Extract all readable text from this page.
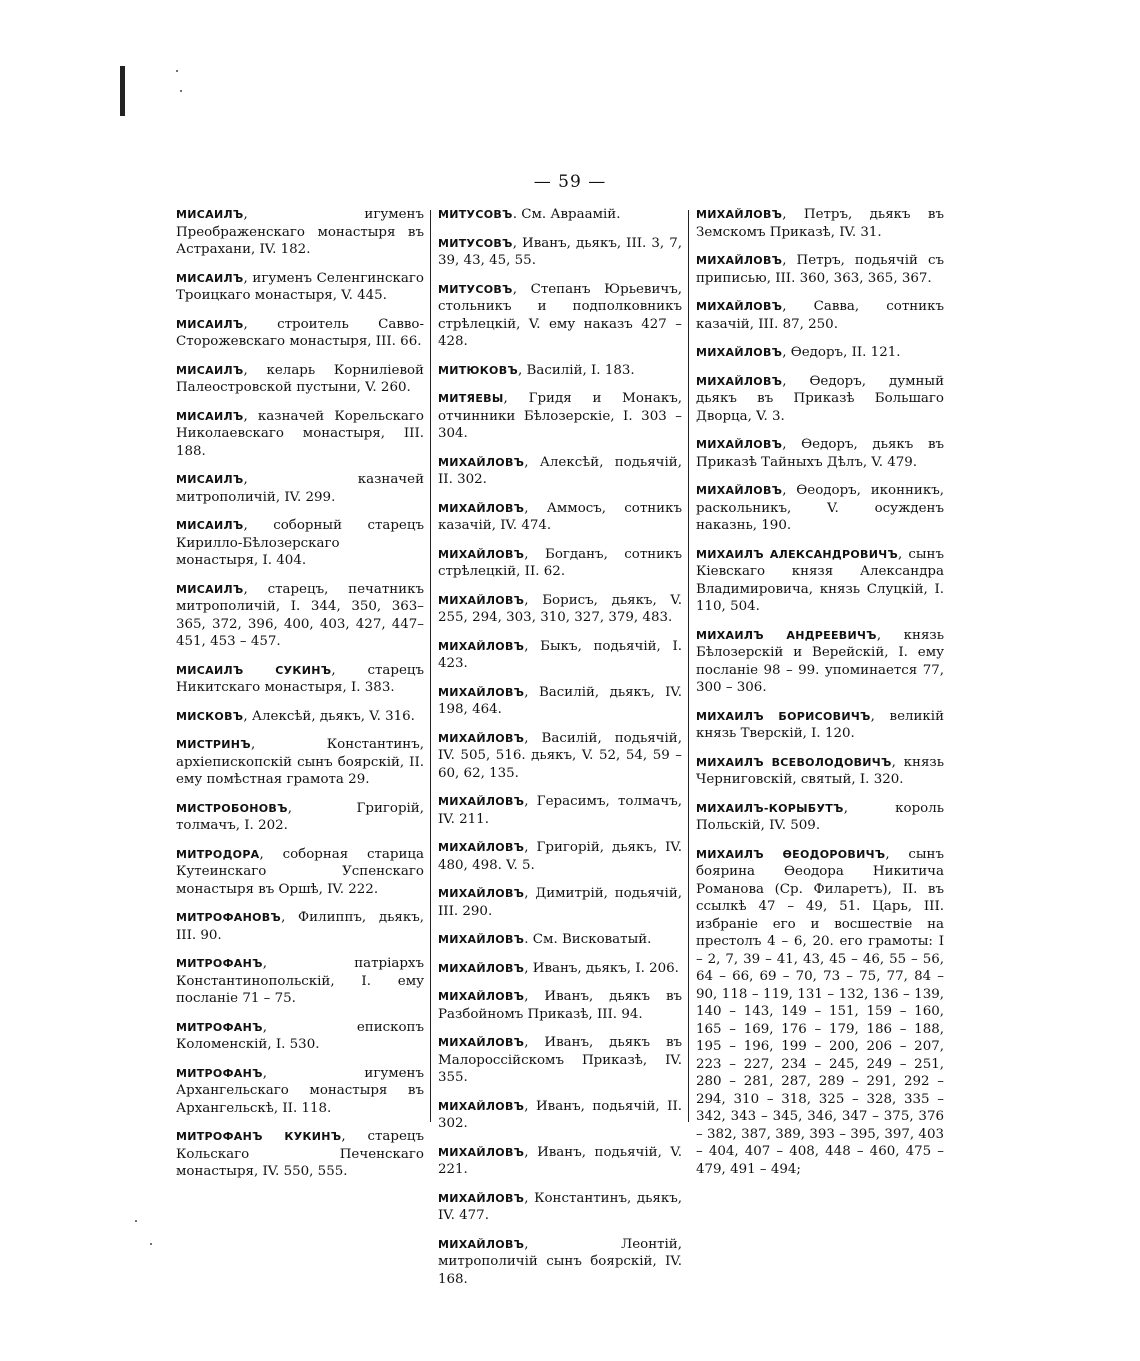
— 59 —

МИСАИЛЪ, игуменъ Преображенскаго монастыря въ Астрахани, IV. 182.

МИСАИЛЪ, игуменъ Селенгинскаго Троицкаго монастыря, V. 445.

МИСАИЛЪ, строитель Савво-Сторожевскаго монастыря, III. 66.

МИСАИЛЪ, келарь Корнилiевой Палеостровской пустыни, V. 260.

МИСАИЛЪ, казначей Корельскаго Николаевскаго монастыря, III. 188.

МИСАИЛЪ, казначей митрополичiй, IV. 299.

МИСАИЛЪ, соборный старецъ Кирилло-Бѣлозерскаго монастыря, I. 404.

МИСАИЛЪ, старецъ, печатникъ митрополичiй, I. 344, 350, 363–365, 372, 396, 400, 403, 427, 447–451, 453 – 457.

МИСАИЛЪ СУКИНЪ, старецъ Никитскаго монастыря, I. 383.

МИСКОВЪ, Алексѣй, дьякъ, V. 316.

МИСТРИНЪ, Константинъ, архiепископскiй сынъ боярскiй, II. ему помѣстная грамота 29.

МИСТРОБОНОВЪ, Григорiй, толмачъ, I. 202.

МИТРОДОРА, соборная старица Кутеинскаго Успенскаго монастыря въ Оршѣ, IV. 222.

МИТРОФАНОВЪ, Филиппъ, дьякъ, III. 90.

МИТРОФАНЪ, патрiархъ Константинопольскiй, I. ему посланiе 71 – 75.

МИТРОФАНЪ, епископъ Коломенскiй, I. 530.

МИТРОФАНЪ, игуменъ Архангельскаго монастыря въ Архангельскѣ, II. 118.

МИТРОФАНЪ КУКИНЪ, старецъ Кольскаго Печенскаго монастыря, IV. 550, 555.

МИТУСОВЪ. См. Авраамiй.

МИТУСОВЪ, Иванъ, дьякъ, III. 3, 7, 39, 43, 45, 55.

МИТУСОВЪ, Степанъ Юрьевичъ, стольникъ и подполковникъ стрѣлецкiй, V. ему наказъ 427 – 428.

МИТЮКОВЪ, Василiй, I. 183.

МИТЯЕВЫ, Гридя и Монакъ, отчинники Бѣлозерскiе, I. 303 – 304.

МИХАЙЛОВЪ, Алексѣй, подьячiй, II. 302.

МИХАЙЛОВЪ, Аммосъ, сотникъ казачiй, IV. 474.

МИХАЙЛОВЪ, Богданъ, сотникъ стрѣлецкiй, II. 62.

МИХАЙЛОВЪ, Борисъ, дьякъ, V. 255, 294, 303, 310, 327, 379, 483.

МИХАЙЛОВЪ, Быкъ, подьячiй, I. 423.

МИХАЙЛОВЪ, Василiй, дьякъ, IV. 198, 464.

МИХАЙЛОВЪ, Василiй, подьячiй, IV. 505, 516. дьякъ, V. 52, 54, 59 – 60, 62, 135.

МИХАЙЛОВЪ, Герасимъ, толмачъ, IV. 211.

МИХАЙЛОВЪ, Григорiй, дьякъ, IV. 480, 498. V. 5.

МИХАЙЛОВЪ, Димитрiй, подьячiй, III. 290.

МИХАЙЛОВЪ. См. Висковатый.

МИХАЙЛОВЪ, Иванъ, дьякъ, I. 206.

МИХАЙЛОВЪ, Иванъ, дьякъ въ Разбойномъ Приказѣ, III. 94.

МИХАЙЛОВЪ, Иванъ, дьякъ въ Малороссiйскомъ Приказѣ, IV. 355.

МИХАЙЛОВЪ, Иванъ, подьячiй, II. 302.

МИХАЙЛОВЪ, Иванъ, подьячiй, V. 221.

МИХАЙЛОВЪ, Константинъ, дьякъ, IV. 477.

МИХАЙЛОВЪ, Леонтiй, митрополичiй сынъ боярскiй, IV. 168.

МИХАЙЛОВЪ, Петръ, дьякъ въ Земскомъ Приказѣ, IV. 31.

МИХАЙЛОВЪ, Петръ, подьячiй съ приписью, III. 360, 363, 365, 367.

МИХАЙЛОВЪ, Савва, сотникъ казачiй, III. 87, 250.

МИХАЙЛОВЪ, Ѳедоръ, II. 121.

МИХАЙЛОВЪ, Ѳедоръ, думный дьякъ въ Приказѣ Большаго Дворца, V. 3.

МИХАЙЛОВЪ, Ѳедоръ, дьякъ въ Приказѣ Тайныхъ Дѣлъ, V. 479.

МИХАЙЛОВЪ, Ѳеодоръ, иконникъ, раскольникъ, V. осужденъ наказнь, 190.

МИХАИЛЪ АЛЕКСАНДРОВИЧЪ, сынъ Кiевскаго князя Александра Владимировича, князь Слуцкiй, I. 110, 504.

МИХАИЛЪ АНДРЕЕВИЧЪ, князь Бѣлозерскiй и Верейскiй, I. ему посланiе 98 – 99. упоминается 77, 300 – 306.

МИХАИЛЪ БОРИСОВИЧЪ, великiй князь Тверскiй, I. 120.

МИХАИЛЪ ВСЕВОЛОДОВИЧЪ, князь Черниговскiй, святый, I. 320.

МИХАИЛЪ-КОРЫБУТЪ, король Польскiй, IV. 509.

МИХАИЛЪ ѲЕОДОРОВИЧЪ, сынъ боярина Ѳеодора Никитича Романова (Ср. Филаретъ), II. въ ссылкѣ 47 – 49, 51. Царь, III. избранiе его и восшествiе на престолъ 4 – 6, 20. его грамоты: I – 2, 7, 39 – 41, 43, 45 – 46, 55 – 56, 64 – 66, 69 – 70, 73 – 75, 77, 84 – 90, 118 – 119, 131 – 132, 136 – 139, 140 – 143, 149 – 151, 159 – 160, 165 – 169, 176 – 179, 186 – 188, 195 – 196, 199 – 200, 206 – 207, 223 – 227, 234 – 245, 249 – 251, 280 – 281, 287, 289 – 291, 292 – 294, 310 – 318, 325 – 328, 335 – 342, 343 – 345, 346, 347 – 375, 376 – 382, 387, 389, 393 – 395, 397, 403 – 404, 407 – 408, 448 – 460, 475 – 479, 491 – 494;
